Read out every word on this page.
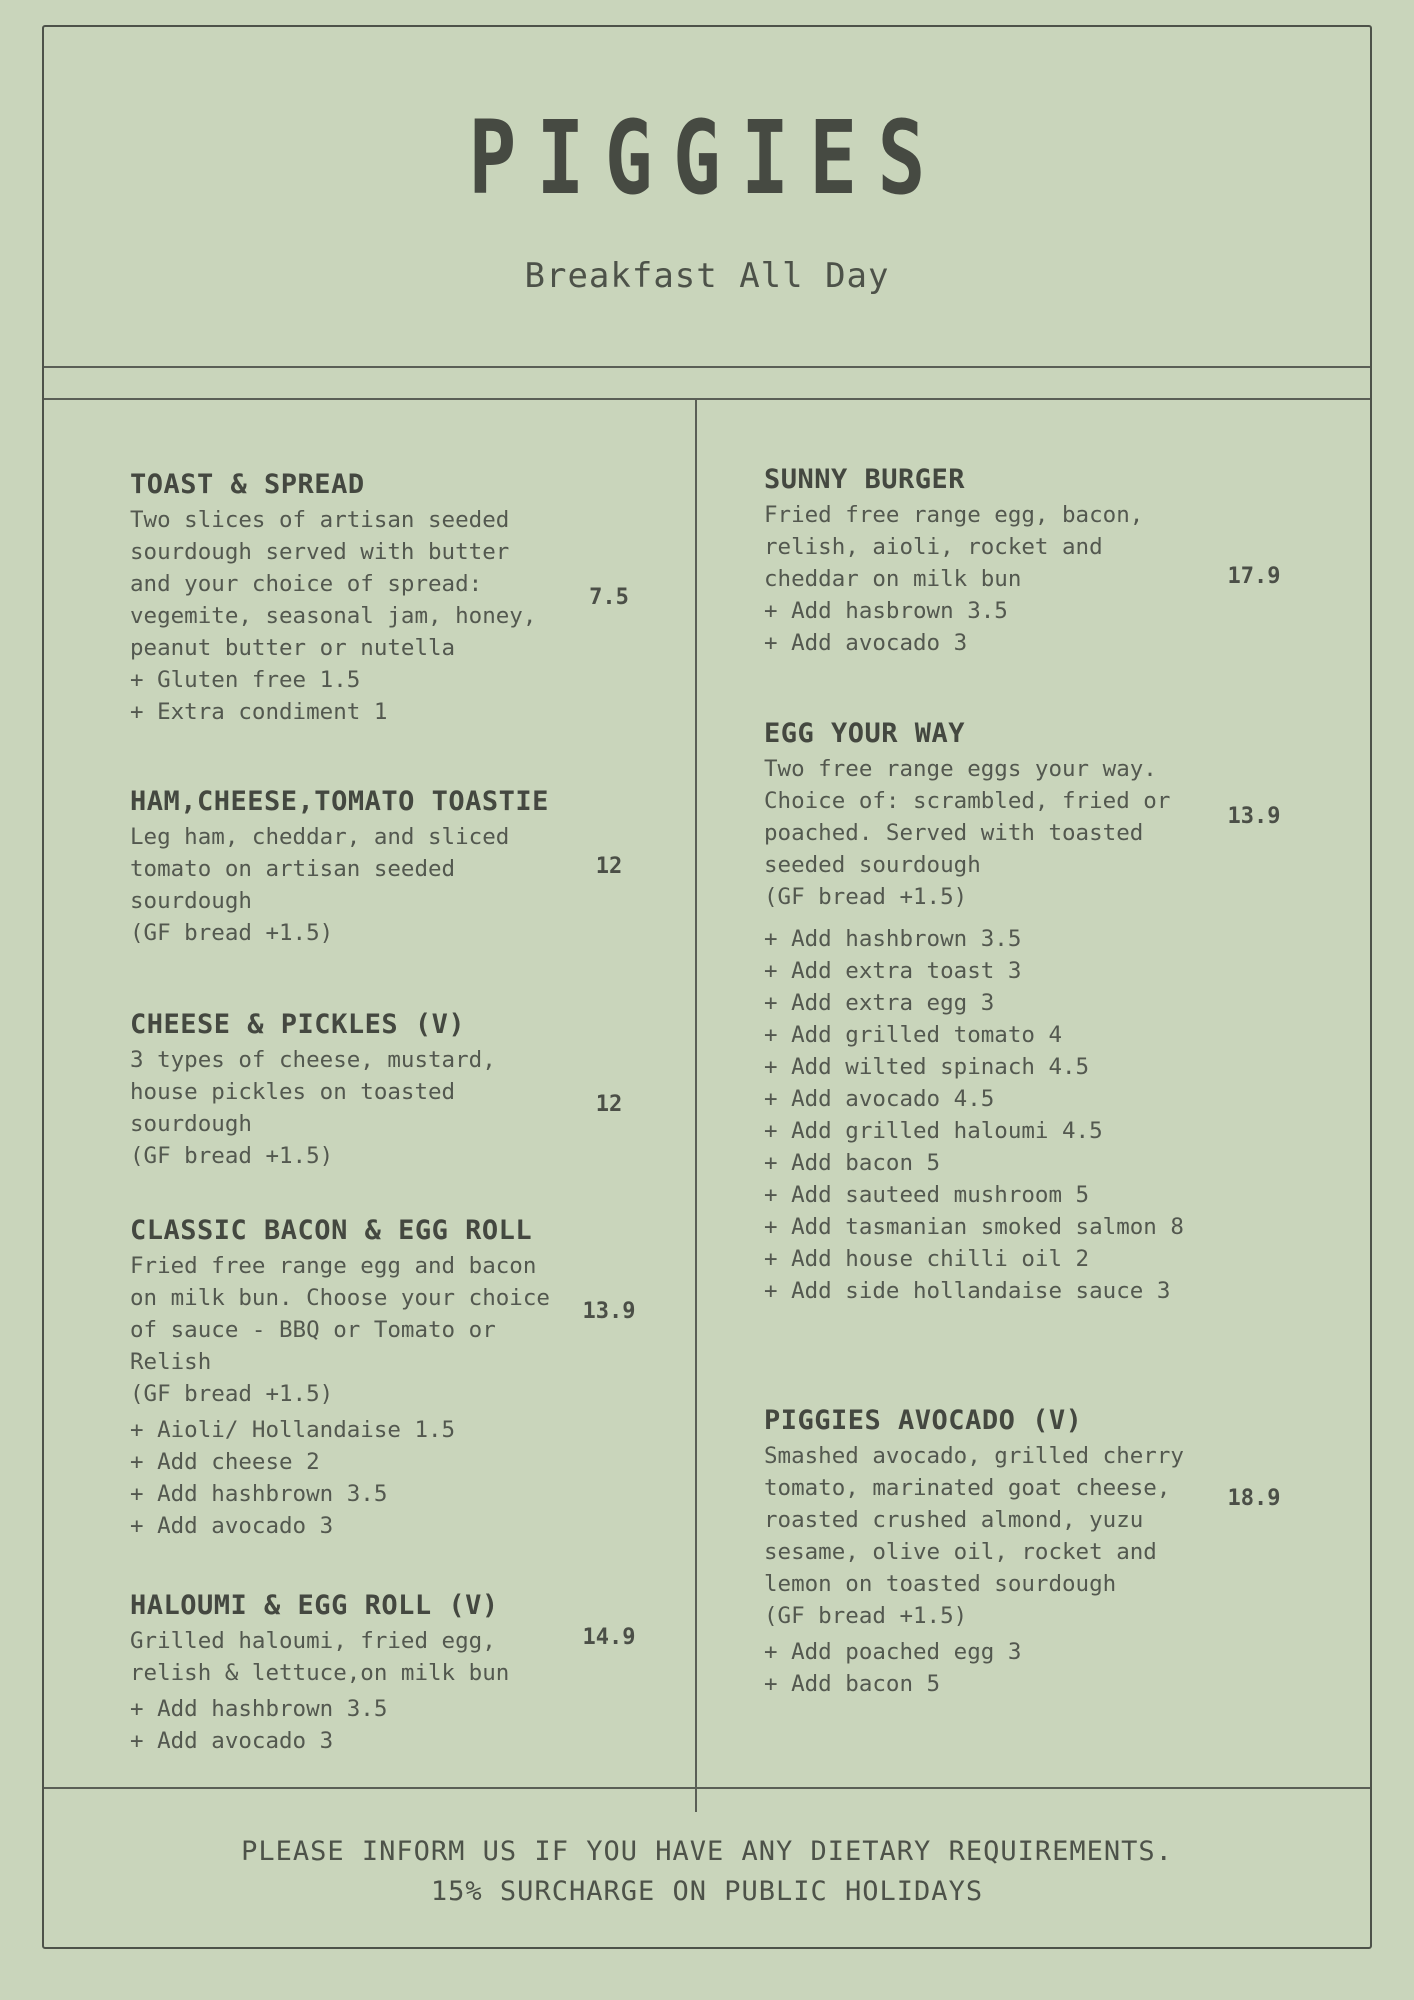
PIGGIES
Breakfast All Day
TOAST & SPREAD
Two slices of artisan seeded
sourdough served with butter
and your choice of spread:
vegemite, seasonal jam, honey,
peanut butter or nutella
+ Gluten free 1.5
+ Extra condiment 1
7.5
HAM,CHEESE,TOMATO TOASTIE
Leg ham, cheddar, and sliced
tomato on artisan seeded
sourdough
(GF bread +1.5)
12
CHEESE & PICKLES (V)
3 types of cheese, mustard,
house pickles on toasted
sourdough
(GF bread +1.5)
12
CLASSIC BACON & EGG ROLL
Fried free range egg and bacon
on milk bun. Choose your choice
of sauce - BBQ or Tomato or
Relish
(GF bread +1.5)
+ Aioli/ Hollandaise 1.5
+ Add cheese 2
+ Add hashbrown 3.5
+ Add avocado 3
13.9
HALOUMI & EGG ROLL (V)
Grilled haloumi, fried egg,
relish & lettuce,on milk bun
+ Add hashbrown 3.5
+ Add avocado 3
14.9
SUNNY BURGER
Fried free range egg, bacon,
relish, aioli, rocket and
cheddar on milk bun
+ Add hasbrown 3.5
+ Add avocado 3
17.9
EGG YOUR WAY
Two free range eggs your way.
Choice of: scrambled, fried or
poached. Served with toasted
seeded sourdough
(GF bread +1.5)
+ Add hashbrown 3.5
+ Add extra toast 3
+ Add extra egg 3
+ Add grilled tomato 4
+ Add wilted spinach 4.5
+ Add avocado 4.5
+ Add grilled haloumi 4.5
+ Add bacon 5
+ Add sauteed mushroom 5
+ Add tasmanian smoked salmon 8
+ Add house chilli oil 2
+ Add side hollandaise sauce 3
13.9
PIGGIES AVOCADO (V)
Smashed avocado, grilled cherry
tomato, marinated goat cheese,
roasted crushed almond, yuzu
sesame, olive oil, rocket and
lemon on toasted sourdough
(GF bread +1.5)
+ Add poached egg 3
+ Add bacon 5
18.9
PLEASE INFORM US IF YOU HAVE ANY DIETARY REQUIREMENTS.
15% SURCHARGE ON PUBLIC HOLIDAYS
